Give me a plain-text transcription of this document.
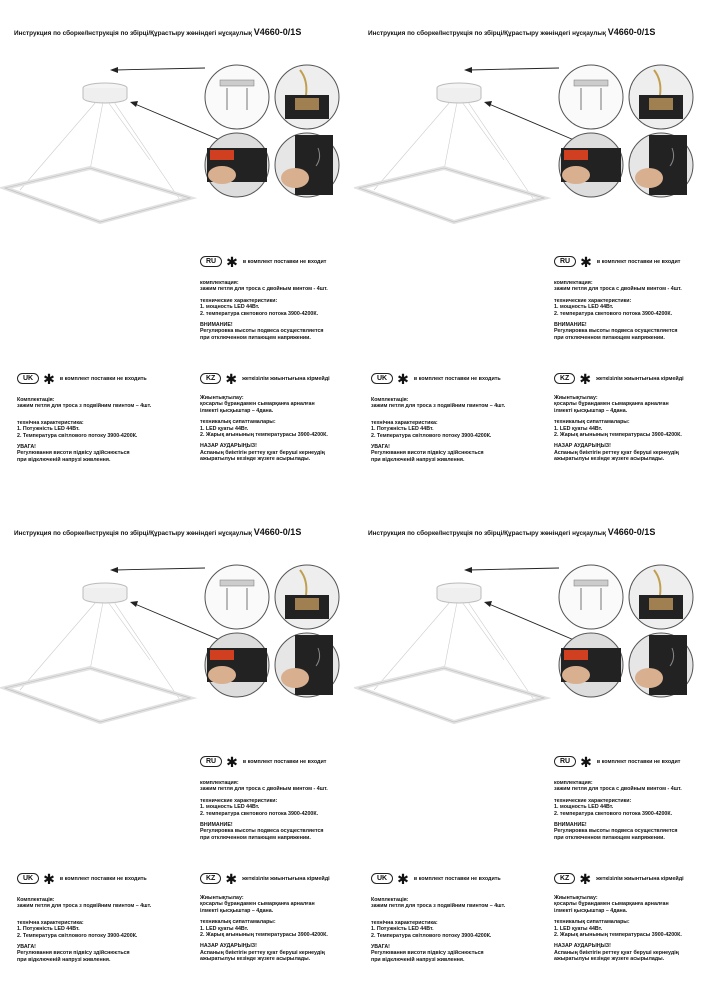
Инструкция по сборке/Інструкція по збірці/Құрастыру жөніндегі нұсқаулық V4660-0/1S
RU ✱ в комплект поставки не входит
комплектация:
зажим петля для троса с двойным винтом - 4шт.
технические характеристики:
1. мощность LED 44Вт.
2. температура светового потока 3900-4200К.
ВНИМАНИЕ!
Регулировка высоты подвеса осуществляется
при отключенном питающем напряжении.
UK ✱ в комплект поставки не входить
Комплектація:
зажим петля для троса з подвійним гвинтом – 4шт.
технічна характеристика:
1. Потужність LED 44Вт.
2. Температура світлового потоку 3900-4200К.
УВАГА!
Регулювання висоти підвісу здійснюється
при відключеній напрузі живлення.
KZ ✱ жеткізілім жиынтығына кірмейді
Жиынтықтылау:
қосарлы бұрандамен сымарқанға арналған
ілмекті қысқыштар – 4дана.
техникалық сипаттамалары:
1. LED қуаты 44Вт.
2. Жарық ағынының температурасы 3900-4200К.
НАЗАР АУДАРЫҢЫЗ!
Аспаның биіктігін реттеу қуат беруші кернеудің
ажыратылуы кезінде жүзеге асырылады.
Инструкция по сборке/Інструкція по збірці/Құрастыру жөніндегі нұсқаулық V4660-0/1S
RU ✱ в комплект поставки не входит
комплектация:
зажим петля для троса с двойным винтом - 4шт.
технические характеристики:
1. мощность LED 44Вт.
2. температура светового потока 3900-4200К.
ВНИМАНИЕ!
Регулировка высоты подвеса осуществляется
при отключенном питающем напряжении.
UK ✱ в комплект поставки не входить
Комплектація:
зажим петля для троса з подвійним гвинтом – 4шт.
технічна характеристика:
1. Потужність LED 44Вт.
2. Температура світлового потоку 3900-4200К.
УВАГА!
Регулювання висоти підвісу здійснюється
при відключеній напрузі живлення.
KZ ✱ жеткізілім жиынтығына кірмейді
Жиынтықтылау:
қосарлы бұрандамен сымарқанға арналған
ілмекті қысқыштар – 4дана.
техникалық сипаттамалары:
1. LED қуаты 44Вт.
2. Жарық ағынының температурасы 3900-4200К.
НАЗАР АУДАРЫҢЫЗ!
Аспаның биіктігін реттеу қуат беруші кернеудің
ажыратылуы кезінде жүзеге асырылады.
Инструкция по сборке/Інструкція по збірці/Құрастыру жөніндегі нұсқаулық V4660-0/1S
RU ✱ в комплект поставки не входит
комплектация:
зажим петля для троса с двойным винтом - 4шт.
технические характеристики:
1. мощность LED 44Вт.
2. температура светового потока 3900-4200К.
ВНИМАНИЕ!
Регулировка высоты подвеса осуществляется
при отключенном питающем напряжении.
UK ✱ в комплект поставки не входить
Комплектація:
зажим петля для троса з подвійним гвинтом – 4шт.
технічна характеристика:
1. Потужність LED 44Вт.
2. Температура світлового потоку 3900-4200К.
УВАГА!
Регулювання висоти підвісу здійснюється
при відключеній напрузі живлення.
KZ ✱ жеткізілім жиынтығына кірмейді
Жиынтықтылау:
қосарлы бұрандамен сымарқанға арналған
ілмекті қысқыштар – 4дана.
техникалық сипаттамалары:
1. LED қуаты 44Вт.
2. Жарық ағынының температурасы 3900-4200К.
НАЗАР АУДАРЫҢЫЗ!
Аспаның биіктігін реттеу қуат беруші кернеудің
ажыратылуы кезінде жүзеге асырылады.
Инструкция по сборке/Інструкція по збірці/Құрастыру жөніндегі нұсқаулық V4660-0/1S
RU ✱ в комплект поставки не входит
комплектация:
зажим петля для троса с двойным винтом - 4шт.
технические характеристики:
1. мощность LED 44Вт.
2. температура светового потока 3900-4200К.
ВНИМАНИЕ!
Регулировка высоты подвеса осуществляется
при отключенном питающем напряжении.
UK ✱ в комплект поставки не входить
Комплектація:
зажим петля для троса з подвійним гвинтом – 4шт.
технічна характеристика:
1. Потужність LED 44Вт.
2. Температура світлового потоку 3900-4200К.
УВАГА!
Регулювання висоти підвісу здійснюється
при відключеній напрузі живлення.
KZ ✱ жеткізілім жиынтығына кірмейді
Жиынтықтылау:
қосарлы бұрандамен сымарқанға арналған
ілмекті қысқыштар – 4дана.
техникалық сипаттамалары:
1. LED қуаты 44Вт.
2. Жарық ағынының температурасы 3900-4200К.
НАЗАР АУДАРЫҢЫЗ!
Аспаның биіктігін реттеу қуат беруші кернеудің
ажыратылуы кезінде жүзеге асырылады.
